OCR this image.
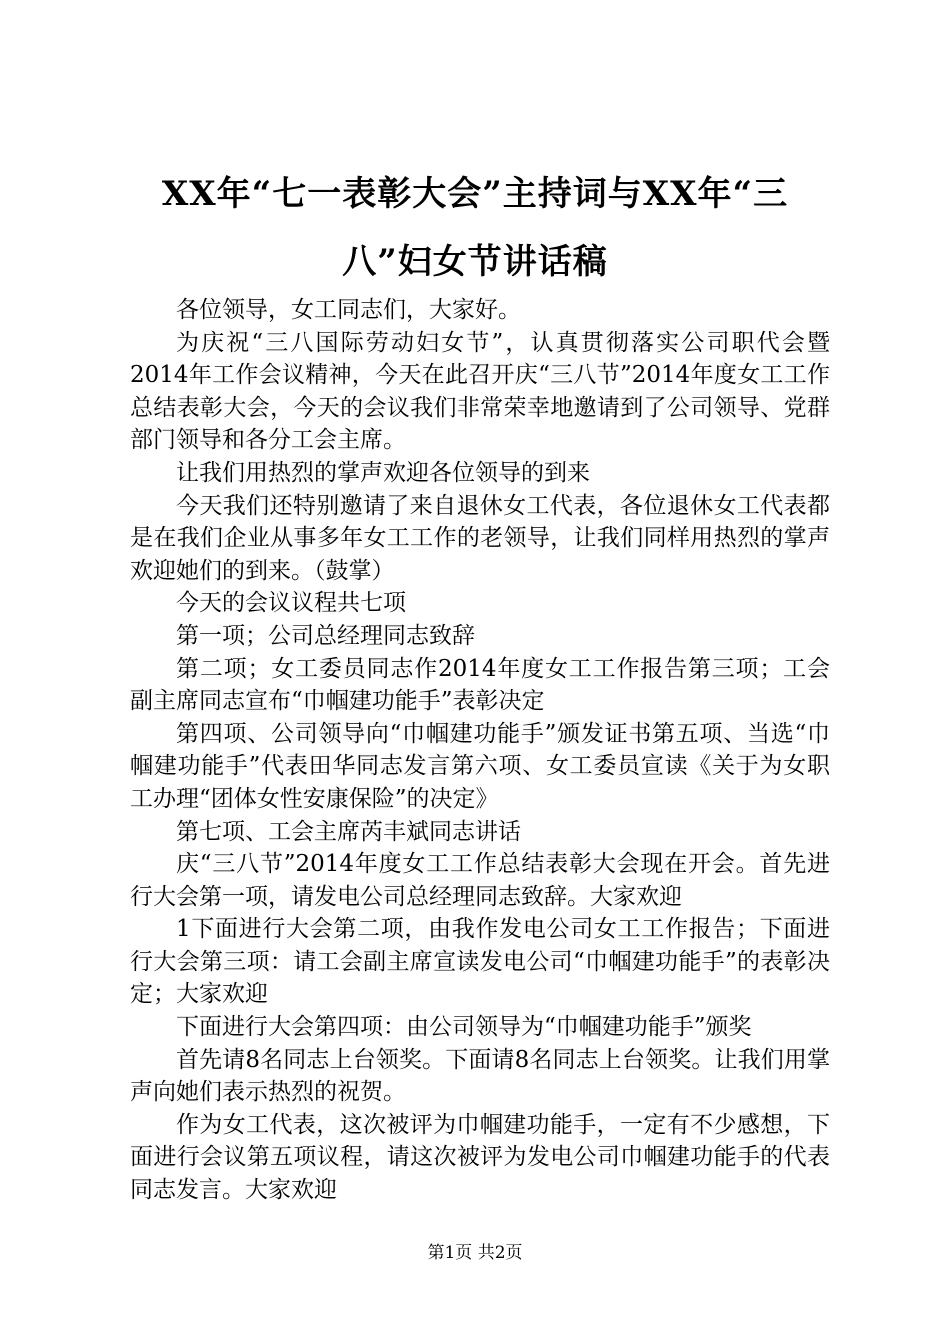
XX年“七一表彰大会”主持词与XX年“三八”妇女节讲话稿

各位领导，女工同志们，大家好。

为庆祝“三八国际劳动妇女节”，认真贯彻落实公司职代会暨2014年工作会议精神，今天在此召开庆“三八节”2014年度女工工作总结表彰大会，今天的会议我们非常荣幸地邀请到了公司领导、党群部门领导和各分工会主席。

让我们用热烈的掌声欢迎各位领导的到来

今天我们还特别邀请了来自退休女工代表，各位退休女工代表都是在我们企业从事多年女工工作的老领导，让我们同样用热烈的掌声欢迎她们的到来。（鼓掌）

今天的会议议程共七项

第一项；公司总经理同志致辞

第二项；女工委员同志作2014年度女工工作报告第三项；工会副主席同志宣布“巾帼建功能手”表彰决定

第四项、公司领导向“巾帼建功能手”颁发证书第五项、当选“巾帼建功能手”代表田华同志发言第六项、女工委员宣读《关于为女职工办理“团体女性安康保险”的决定》

第七项、工会主席芮丰斌同志讲话

庆“三八节”2014年度女工工作总结表彰大会现在开会。首先进行大会第一项，请发电公司总经理同志致辞。大家欢迎

1下面进行大会第二项，由我作发电公司女工工作报告；下面进行大会第三项：请工会副主席宣读发电公司“巾帼建功能手”的表彰决定；大家欢迎

下面进行大会第四项：由公司领导为“巾帼建功能手”颁奖

首先请8名同志上台领奖。下面请8名同志上台领奖。让我们用掌声向她们表示热烈的祝贺。

作为女工代表，这次被评为巾帼建功能手，一定有不少感想，下面进行会议第五项议程，请这次被评为发电公司巾帼建功能手的代表同志发言。大家欢迎

第1页 共2页
